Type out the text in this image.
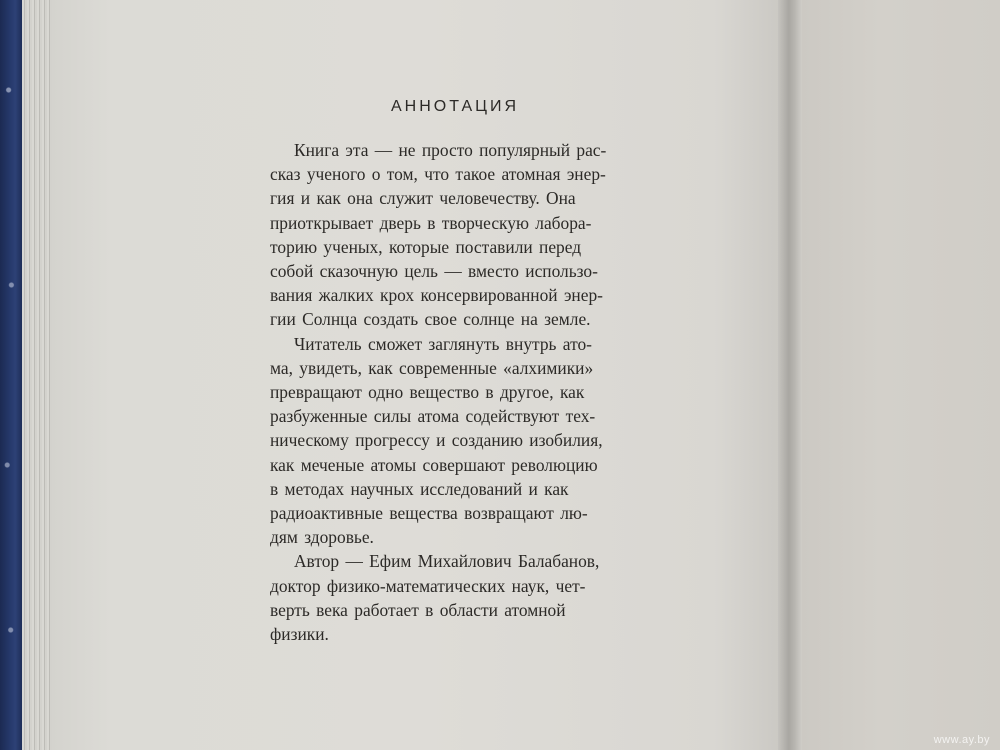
АННОТАЦИЯ
Книга эта — не просто популярный рас-
сказ ученого о том, что такое атомная энер-
гия и как она служит человечеству. Она
приоткрывает дверь в творческую лабора-
торию ученых, которые поставили перед
собой сказочную цель — вместо использо-
вания жалких крох консервированной энер-
гии Солнца создать свое солнце на земле.
Читатель сможет заглянуть внутрь ато-
ма, увидеть, как современные «алхимики»
превращают одно вещество в другое, как
разбуженные силы атома содействуют тех-
ническому прогрессу и созданию изобилия,
как меченые атомы совершают революцию
в методах научных исследований и как
радиоактивные вещества возвращают лю-
дям здоровье.
Автор — Ефим Михайлович Балабанов,
доктор физико-математических наук, чет-
верть века работает в области атомной
физики.
www.ay.by
